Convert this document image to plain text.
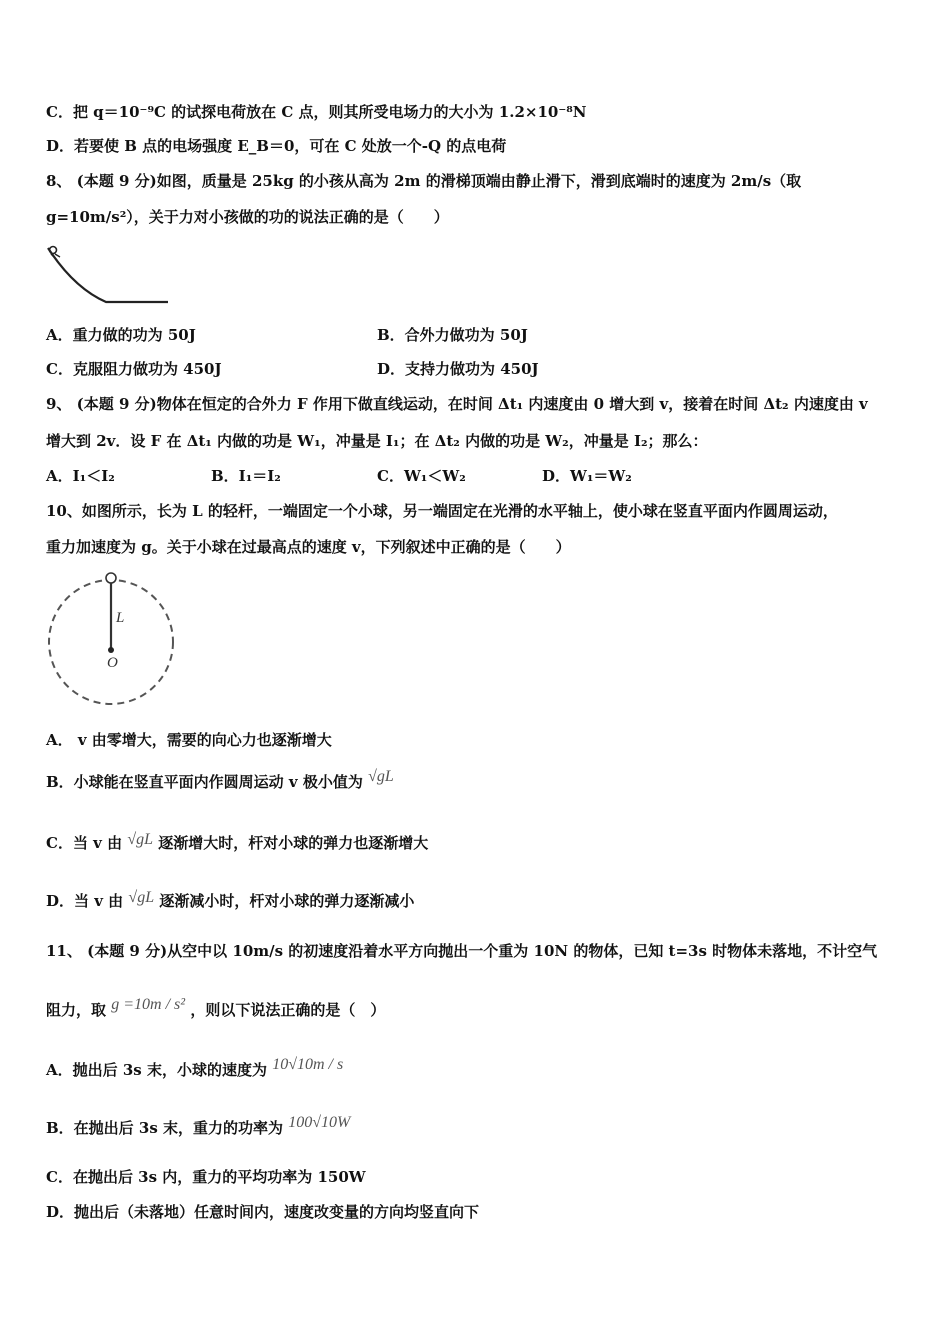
C．把 q＝10⁻⁹C 的试探电荷放在 C 点，则其所受电场力的大小为 1.2×10⁻⁸N
D．若要使 B 点的电场强度 E_B＝0，可在 C 处放一个-Q 的点电荷
8、 (本题 9 分)如图，质量是 25kg 的小孩从高为 2m 的滑梯顶端由静止滑下，滑到底端时的速度为 2m/s（取
g=10m/s²），关于力对小孩做的功的说法正确的是（　　）
A．重力做的功为 50J	B．合外力做功为 50J
C．克服阻力做功为 450J	D．支持力做功为 450J
9、 (本题 9 分)物体在恒定的合外力 F 作用下做直线运动，在时间 Δt₁ 内速度由 0 增大到 v，接着在时间 Δt₂ 内速度由 v
增大到 2v．设 F 在 Δt₁ 内做的功是 W₁，冲量是 I₁；在 Δt₂ 内做的功是 W₂，冲量是 I₂；那么：
A．I₁＜I₂	B．I₁＝I₂	C．W₁＜W₂	D．W₁＝W₂
10、如图所示，长为 L 的轻杆，一端固定一个小球，另一端固定在光滑的水平轴上，使小球在竖直平面内作圆周运动，
重力加速度为 g。关于小球在过最高点的速度 v，下列叙述中正确的是（　　）
L
O
A． v 由零增大，需要的向心力也逐渐增大
B．小球能在竖直平面内作圆周运动 v 极小值为 √gL
C．当 v 由 √gL 逐渐增大时，杆对小球的弹力也逐渐增大
D．当 v 由 √gL 逐渐减小时，杆对小球的弹力逐渐减小
11、 (本题 9 分)从空中以 10m/s 的初速度沿着水平方向抛出一个重为 10N 的物体，已知 t=3s 时物体未落地，不计空气
阻力，取 g =10m / s² ，则以下说法正确的是（　）
A．抛出后 3s 末，小球的速度为 10√10m / s
B．在抛出后 3s 末，重力的功率为 100√10W
C．在抛出后 3s 内，重力的平均功率为 150W
D．抛出后（未落地）任意时间内，速度改变量的方向均竖直向下
